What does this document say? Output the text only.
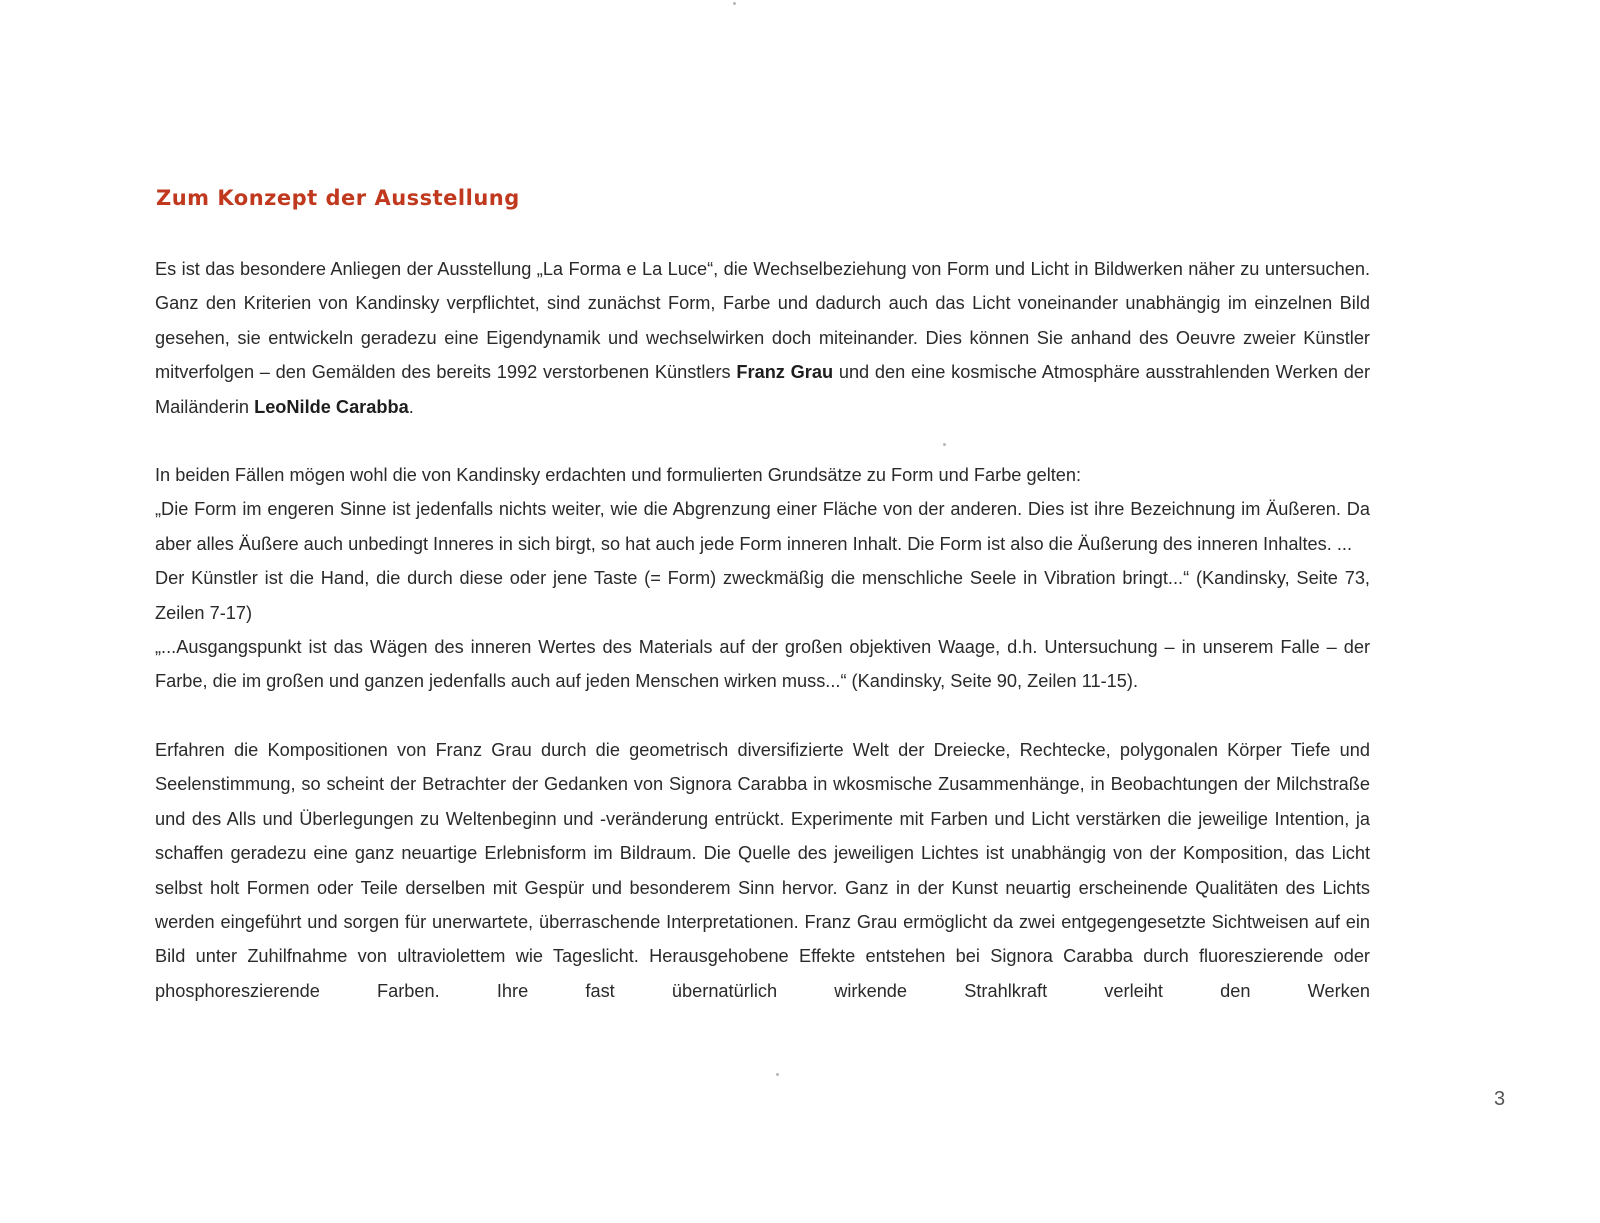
Zum Konzept der Ausstellung

Es ist das besondere Anliegen der Ausstellung „La Forma e La Luce“, die Wechselbeziehung von Form und Licht in Bildwerken näher zu untersuchen. Ganz den Kriterien von Kandinsky verpflichtet, sind zunächst Form, Farbe und dadurch auch das Licht voneinander unabhängig im einzelnen Bild gesehen, sie entwickeln geradezu eine Eigendynamik und wechselwirken doch miteinander. Dies können Sie anhand des Oeuvre zweier Künstler mitverfolgen – den Gemälden des bereits 1992 verstorbenen Künstlers Franz Grau und den eine kosmische Atmosphäre ausstrahlenden Werken der Mailänderin LeoNilde Carabba.

In beiden Fällen mögen wohl die von Kandinsky erdachten und formulierten Grundsätze zu Form und Farbe gelten:

„Die Form im engeren Sinne ist jedenfalls nichts weiter, wie die Abgrenzung einer Fläche von der anderen. Dies ist ihre Bezeichnung im Äußeren. Da aber alles Äußere auch unbedingt Inneres in sich birgt, so hat auch jede Form inneren Inhalt. Die Form ist also die Äußerung des inneren Inhaltes. ...

Der Künstler ist die Hand, die durch diese oder jene Taste (= Form) zweckmäßig die menschliche Seele in Vibration bringt...“ (Kandinsky, Seite 73, Zeilen 7-17)

„...Ausgangspunkt ist das Wägen des inneren Wertes des Materials auf der großen objektiven Waage, d.h. Untersuchung – in unserem Falle – der Farbe, die im großen und ganzen jedenfalls auch auf jeden Menschen wirken muss...“ (Kandinsky, Seite 90, Zeilen 11-15).

Erfahren die Kompositionen von Franz Grau durch die geometrisch diversifizierte Welt der Dreiecke, Rechtecke, polygonalen Körper Tiefe und Seelenstimmung, so scheint der Betrachter der Gedanken von Signora Carabba in wkosmische Zusammenhänge, in Beobachtungen der Milchstraße und des Alls und Überlegungen zu Weltenbeginn und -veränderung entrückt. Experimente mit Farben und Licht verstärken die jeweilige Intention, ja schaffen geradezu eine ganz neuartige Erlebnisform im Bildraum. Die Quelle des jeweiligen Lichtes ist unabhängig von der Komposition, das Licht selbst holt Formen oder Teile derselben mit Gespür und besonderem Sinn hervor. Ganz in der Kunst neuartig erscheinende Qualitäten des Lichts werden eingeführt und sorgen für unerwartete, überraschende Interpretationen. Franz Grau ermöglicht da zwei entgegengesetzte Sichtweisen auf ein Bild unter Zuhilfnahme von ultraviolettem wie Tageslicht. Herausgehobene Effekte entstehen bei Signora Carabba durch fluoreszierende oder phosphoreszierende Farben. Ihre fast übernatürlich wirkende Strahlkraft verleiht den Werken

3
